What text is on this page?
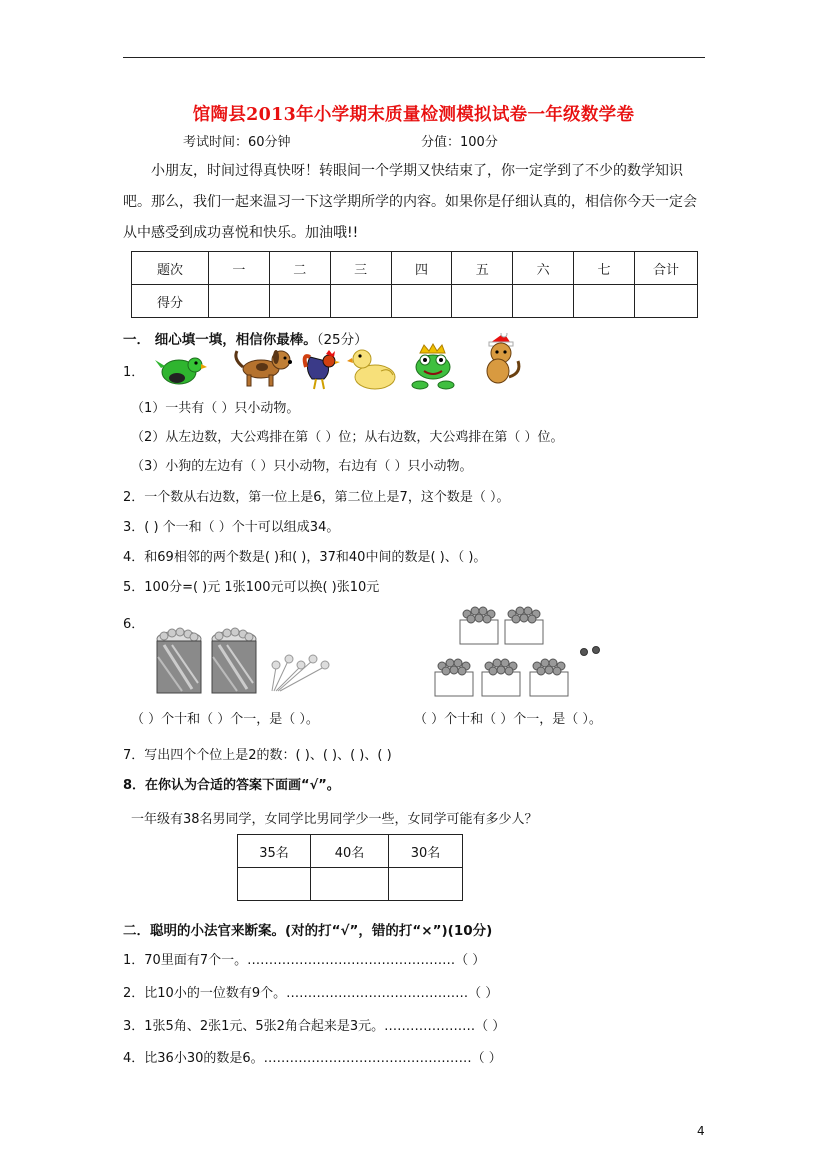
馆陶县2013年小学期末质量检测模拟试卷一年级数学卷
考试时间：60分钟	分值：100分
小朋友，时间过得真快呀！转眼间一个学期又快结束了，你一定学到了不少的数学知识吧。那么，我们一起来温习一下这学期所学的内容。如果你是仔细认真的，相信你今天一定会从中感受到成功喜悦和快乐。加油哦!!
题次	一	二	三	四	五	六	七	合计
得分								
一． 细心填一填，相信你最棒。（25分）
1．
（1）一共有（ ）只小动物。
（2）从左边数，大公鸡排在第（ ）位；从右边数，大公鸡排在第（ ）位。
（3）小狗的左边有（ ）只小动物，右边有（ ）只小动物。
2．一个数从右边数，第一位上是6，第二位上是7，这个数是（ ）。
3．( ) 个一和（ ）个十可以组成34。
4．和69相邻的两个数是( )和( )，37和40中间的数是( )、（ )。
5．100分=( )元 1张100元可以换( )张10元
6．
（ ）个十和（ ）个一，是（ ）。	（ ）个十和（ ）个一，是（ ）。
7．写出四个个位上是2的数：( )、( )、( )、( )
8．在你认为合适的答案下面画“√”。
一年级有38名男同学，女同学比男同学少一些，女同学可能有多少人？
35名	40名	30名

二．聪明的小法官来断案。(对的打“√”，错的打“×”)(10分)
1．70里面有7个一。…………………………………………（ ）
2．比10小的一位数有9个。……………………………………（ ）
3．1张5角、2张1元、5张2角合起来是3元。…………………（ ）
4．比36小30的数是6。…………………………………………（ ）
4
